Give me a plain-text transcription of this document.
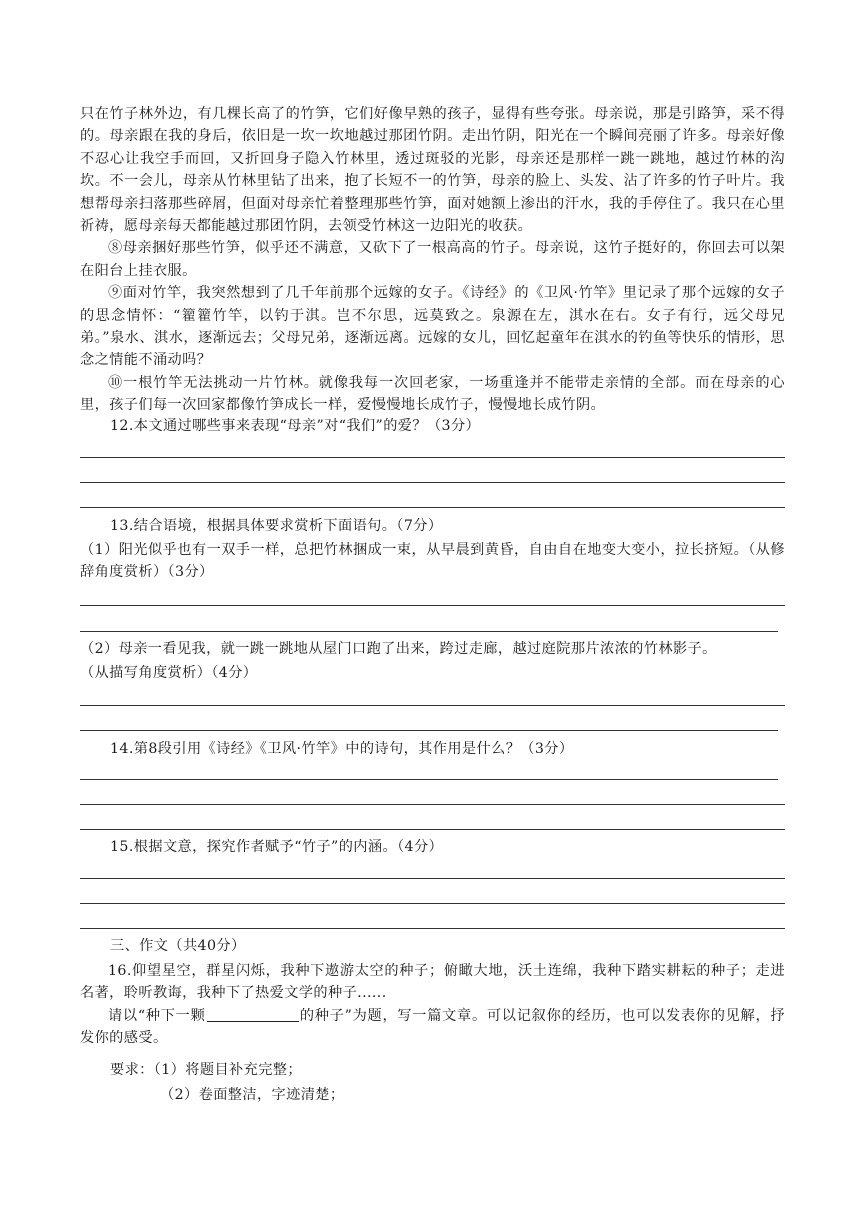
只在竹子林外边，有几棵长高了的竹笋，它们好像早熟的孩子，显得有些夸张。母亲说，那是引路笋，采不得的。母亲跟在我的身后，依旧是一坎一坎地越过那团竹阴。走出竹阴，阳光在一个瞬间亮丽了许多。母亲好像不忍心让我空手而回，又折回身子隐入竹林里，透过斑驳的光影，母亲还是那样一跳一跳地，越过竹林的沟坎。不一会儿，母亲从竹林里钻了出来，抱了长短不一的竹笋，母亲的脸上、头发、沾了许多的竹子叶片。我想帮母亲扫落那些碎屑，但面对母亲忙着整理那些竹笋，面对她额上渗出的汗水，我的手停住了。我只在心里祈祷，愿母亲每天都能越过那团竹阴，去领受竹林这一边阳光的收获。

⑧母亲捆好那些竹笋，似乎还不满意，又砍下了一根高高的竹子。母亲说，这竹子挺好的，你回去可以架在阳台上挂衣服。

⑨面对竹竿，我突然想到了几千年前那个远嫁的女子。《诗经》的《卫风·竹竿》里记录了那个远嫁的女子的思念情怀：“籊籊竹竿，以钓于淇。岂不尔思，远莫致之。泉源在左，淇水在右。女子有行，远父母兄弟。”泉水、淇水，逐渐远去；父母兄弟，逐渐远离。远嫁的女儿，回忆起童年在淇水的钓鱼等快乐的情形，思念之情能不涌动吗？

⑩一根竹竿无法挑动一片竹林。就像我每一次回老家，一场重逢并不能带走亲情的全部。而在母亲的心里，孩子们每一次回家都像竹笋成长一样，爱慢慢地长成竹子，慢慢地长成竹阴。

12.本文通过哪些事来表现“母亲”对“我们”的爱？（3分）

13.结合语境，根据具体要求赏析下面语句。（7分）

（1）阳光似乎也有一双手一样，总把竹林捆成一束，从早晨到黄昏，自由自在地变大变小，拉长挤短。（从修辞角度赏析）（3分）

（2）母亲一看见我，就一跳一跳地从屋门口跑了出来，跨过走廊，越过庭院那片浓浓的竹林影子。

（从描写角度赏析）（4分）

14.第8段引用《诗经》《卫风·竹竿》中的诗句，其作用是什么？（3分）

15.根据文意，探究作者赋予“竹子”的内涵。（4分）

三、作文（共40分）

16.仰望星空，群星闪烁，我种下遨游太空的种子；俯瞰大地，沃土连绵，我种下踏实耕耘的种子；走进名著，聆听教诲，我种下了热爱文学的种子......

请以“种下一颗	的种子”为题，写一篇文章。可以记叙你的经历，也可以发表你的见解，抒发你的感受。

要求：（1）将题目补充完整；

（2）卷面整洁，字迹清楚；
